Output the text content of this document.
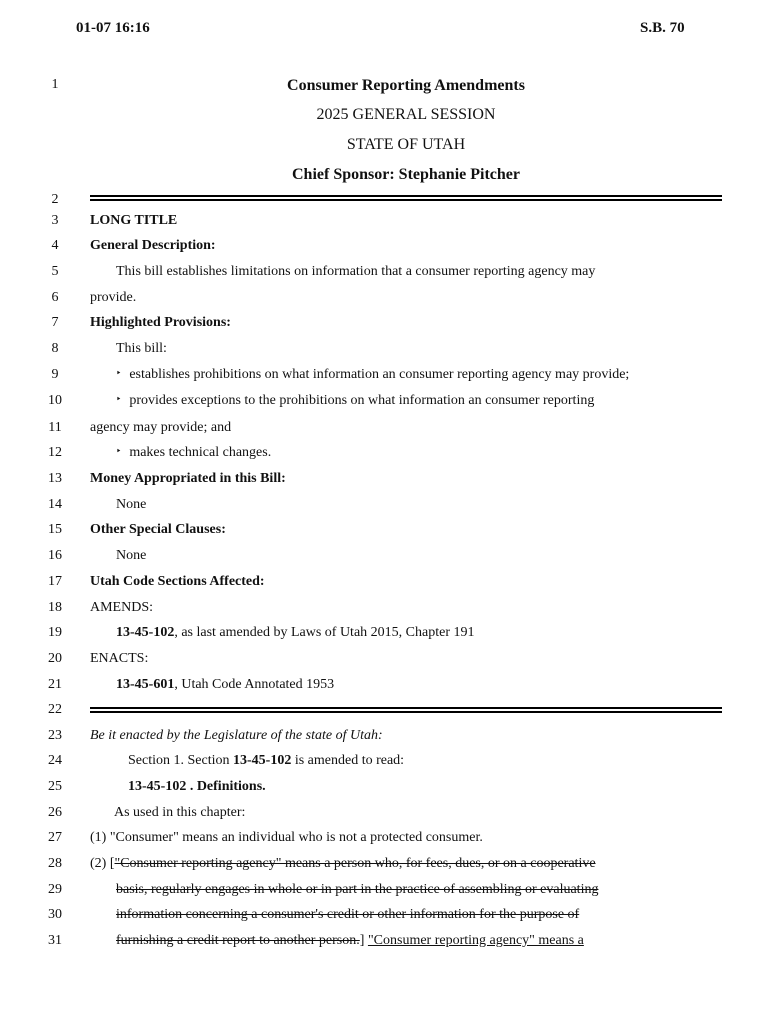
01-07 16:16	S.B. 70
1
2
3
4
5
6
7
8
9
10
11
12
13
14
15
16
17
18
19
20
21
22
23
24
25
26
27
28
29
30
31
Consumer Reporting Amendments
2025 GENERAL SESSION
STATE OF UTAH
Chief Sponsor: Stephanie Pitcher
LONG TITLE
General Description:
This bill establishes limitations on information that a consumer reporting agency may
provide.
Highlighted Provisions:
This bill:
‣ establishes prohibitions on what information an consumer reporting agency may provide;
‣ provides exceptions to the prohibitions on what information an consumer reporting
agency may provide; and
‣ makes technical changes.
Money Appropriated in this Bill:
None
Other Special Clauses:
None
Utah Code Sections Affected:
AMENDS:
13-45-102, as last amended by Laws of Utah 2015, Chapter 191
ENACTS:
13-45-601, Utah Code Annotated 1953
Be it enacted by the Legislature of the state of Utah:
Section 1. Section 13-45-102 is amended to read:
13-45-102 . Definitions.
As used in this chapter:
(1) "Consumer" means an individual who is not a protected consumer.
(2) ["Consumer reporting agency" means a person who, for fees, dues, or on a cooperative
basis, regularly engages in whole or in part in the practice of assembling or evaluating
information concerning a consumer's credit or other information for the purpose of
furnishing a credit report to another person.] "Consumer reporting agency" means a
